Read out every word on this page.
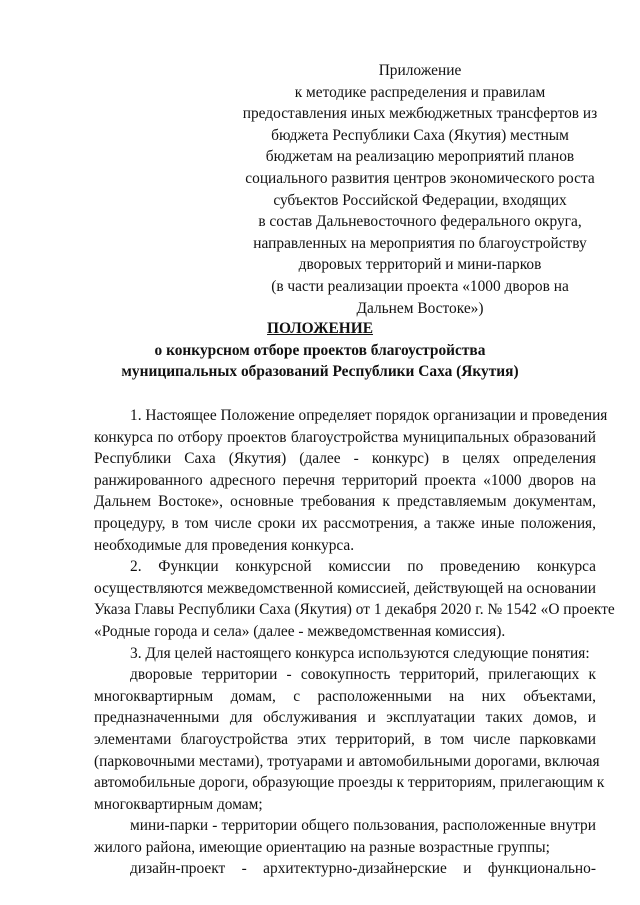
Приложение
к методике распределения и правилам
предоставления иных межбюджетных трансфертов из
бюджета Республики Саха (Якутия) местным
бюджетам на реализацию мероприятий планов
социального развития центров экономического роста
субъектов Российской Федерации, входящих
в состав Дальневосточного федерального округа,
направленных на мероприятия по благоустройству
дворовых территорий и мини-парков
(в части реализации проекта «1000 дворов на
Дальнем Востоке»)
ПОЛОЖЕНИЕ
о конкурсном отборе проектов благоустройства
муниципальных образований Республики Саха (Якутия)
1. Настоящее Положение определяет порядок организации и проведения
конкурса по отбору проектов благоустройства муниципальных образований
Республики Саха (Якутия) (далее - конкурс) в целях определения
ранжированного адресного перечня территорий проекта «1000 дворов на
Дальнем Востоке», основные требования к представляемым документам,
процедуру, в том числе сроки их рассмотрения, а также иные положения,
необходимые для проведения конкурса.
2. Функции конкурсной комиссии по проведению конкурса
осуществляются межведомственной комиссией, действующей на основании
Указа Главы Республики Саха (Якутия) от 1 декабря 2020 г. № 1542 «О проекте
«Родные города и села» (далее - межведомственная комиссия).
3. Для целей настоящего конкурса используются следующие понятия:
дворовые территории - совокупность территорий, прилегающих к
многоквартирным домам, с расположенными на них объектами,
предназначенными для обслуживания и эксплуатации таких домов, и
элементами благоустройства этих территорий, в том числе парковками
(парковочными местами), тротуарами и автомобильными дорогами, включая
автомобильные дороги, образующие проезды к территориям, прилегающим к
многоквартирным домам;
мини-парки - территории общего пользования, расположенные внутри
жилого района, имеющие ориентацию на разные возрастные группы;
дизайн-проект - архитектурно-дизайнерские и функционально-
